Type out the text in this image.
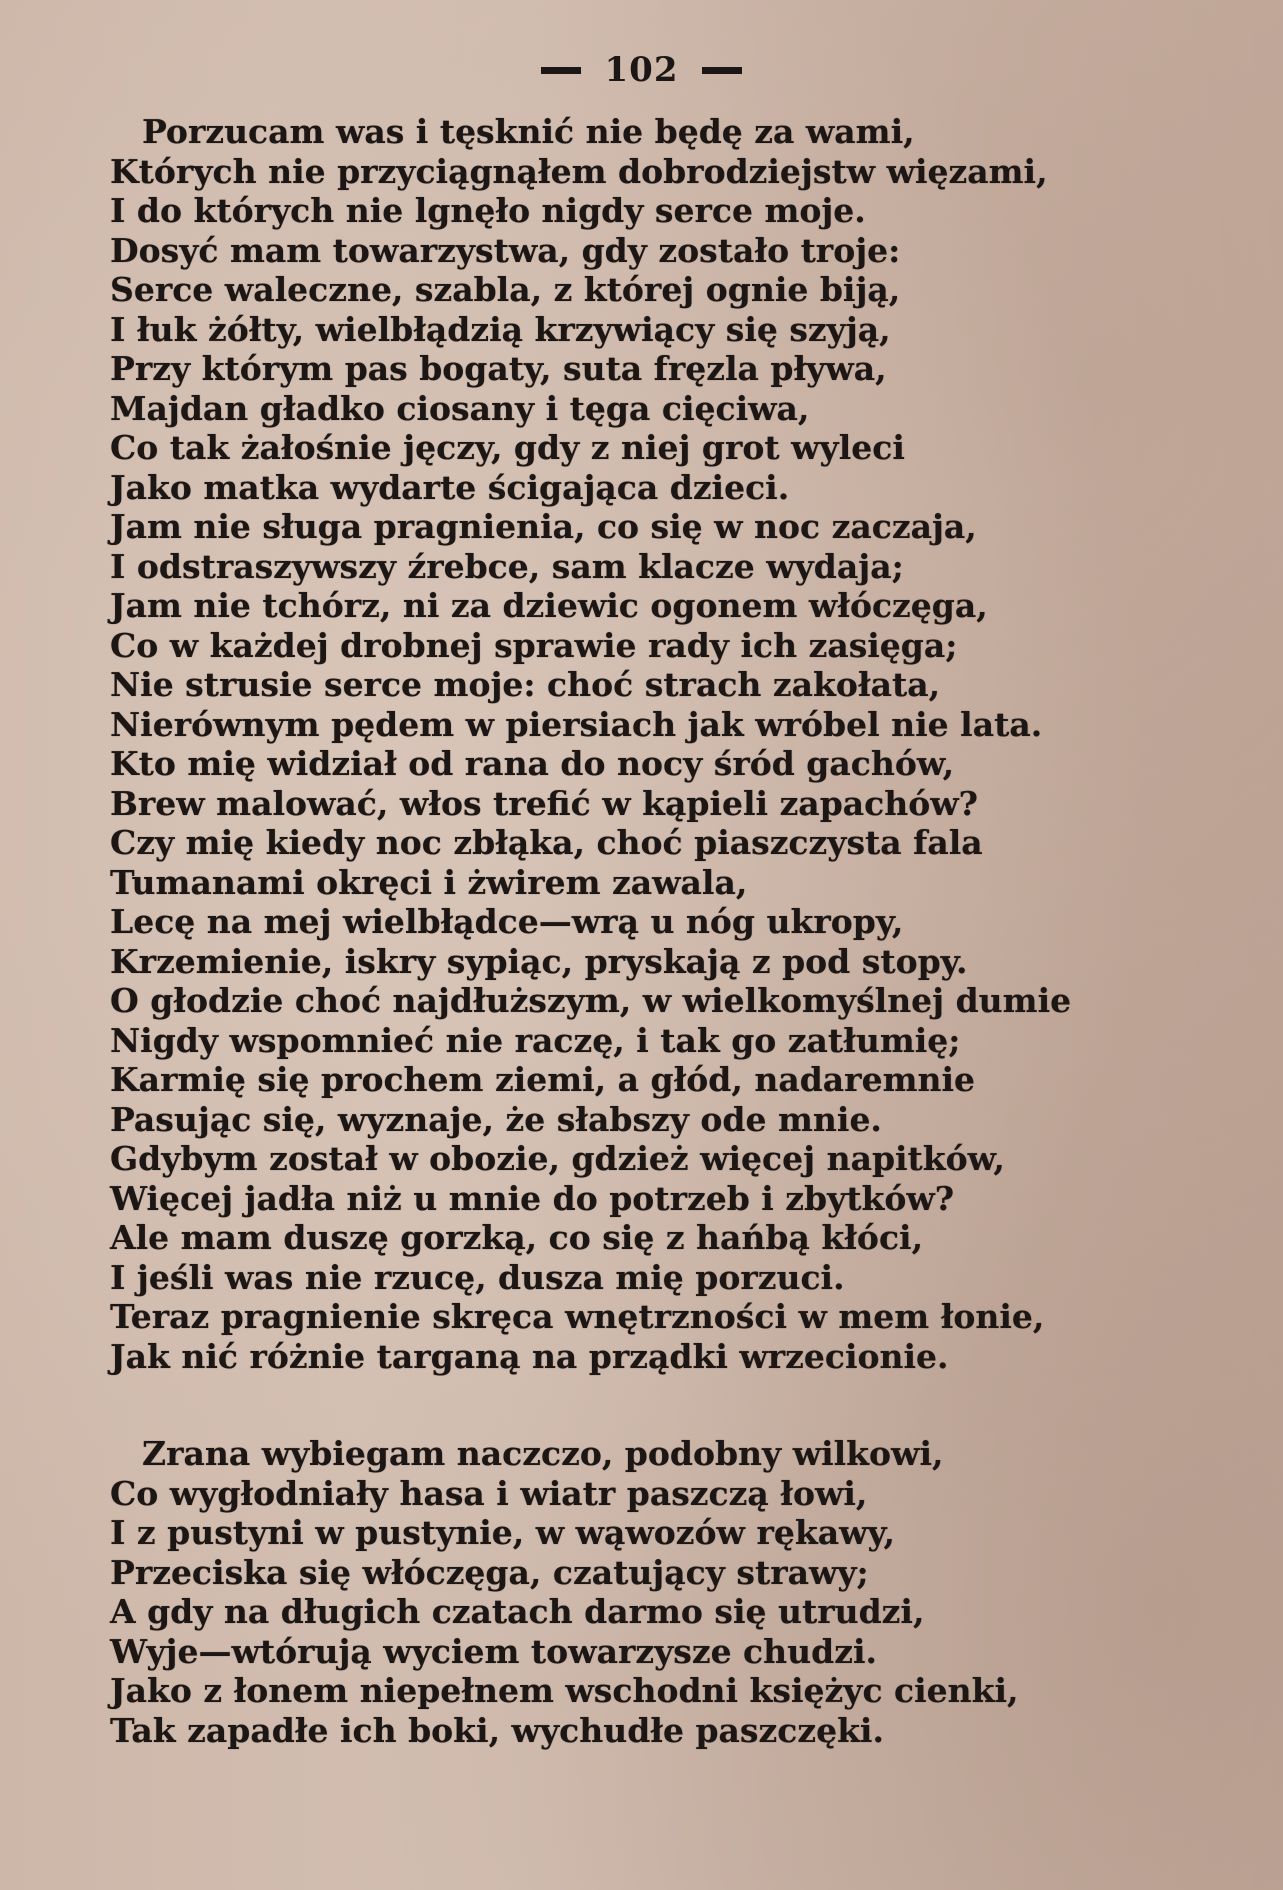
102
Porzucam was i tęsknić nie będę za wami,
Których nie przyciągnąłem dobrodziejstw więzami,
I do których nie lgnęło nigdy serce moje.
Dosyć mam towarzystwa, gdy zostało troje:
Serce waleczne, szabla, z której ognie biją,
I łuk żółty, wielbłądzią krzywiący się szyją,
Przy którym pas bogaty, suta fręzla pływa,
Majdan gładko ciosany i tęga cięciwa,
Co tak żałośnie jęczy, gdy z niej grot wyleci
Jako matka wydarte ścigająca dzieci.
Jam nie sługa pragnienia, co się w noc zaczaja,
I odstraszywszy źrebce, sam klacze wydaja;
Jam nie tchórz, ni za dziewic ogonem włóczęga,
Co w każdej drobnej sprawie rady ich zasięga;
Nie strusie serce moje: choć strach zakołata,
Nierównym pędem w piersiach jak wróbel nie lata.
Kto mię widział od rana do nocy śród gachów,
Brew malować, włos trefić w kąpieli zapachów?
Czy mię kiedy noc zbłąka, choć piaszczysta fala
Tumanami okręci i żwirem zawala,
Lecę na mej wielbłądce—wrą u nóg ukropy,
Krzemienie, iskry sypiąc, pryskają z pod stopy.
O głodzie choć najdłuższym, w wielkomyślnej dumie
Nigdy wspomnieć nie raczę, i tak go zatłumię;
Karmię się prochem ziemi, a głód, nadaremnie
Pasując się, wyznaje, że słabszy ode mnie.
Gdybym został w obozie, gdzież więcej napitków,
Więcej jadła niż u mnie do potrzeb i zbytków?
Ale mam duszę gorzką, co się z hańbą kłóci,
I jeśli was nie rzucę, dusza mię porzuci.
Teraz pragnienie skręca wnętrzności w mem łonie,
Jak nić różnie targaną na prządki wrzecionie.
Zrana wybiegam naczczo, podobny wilkowi,
Co wygłodniały hasa i wiatr paszczą łowi,
I z pustyni w pustynie, w wąwozów rękawy,
Przeciska się włóczęga, czatujący strawy;
A gdy na długich czatach darmo się utrudzi,
Wyje—wtórują wyciem towarzysze chudzi.
Jako z łonem niepełnem wschodni księżyc cienki,
Tak zapadłe ich boki, wychudłe paszczęki.
